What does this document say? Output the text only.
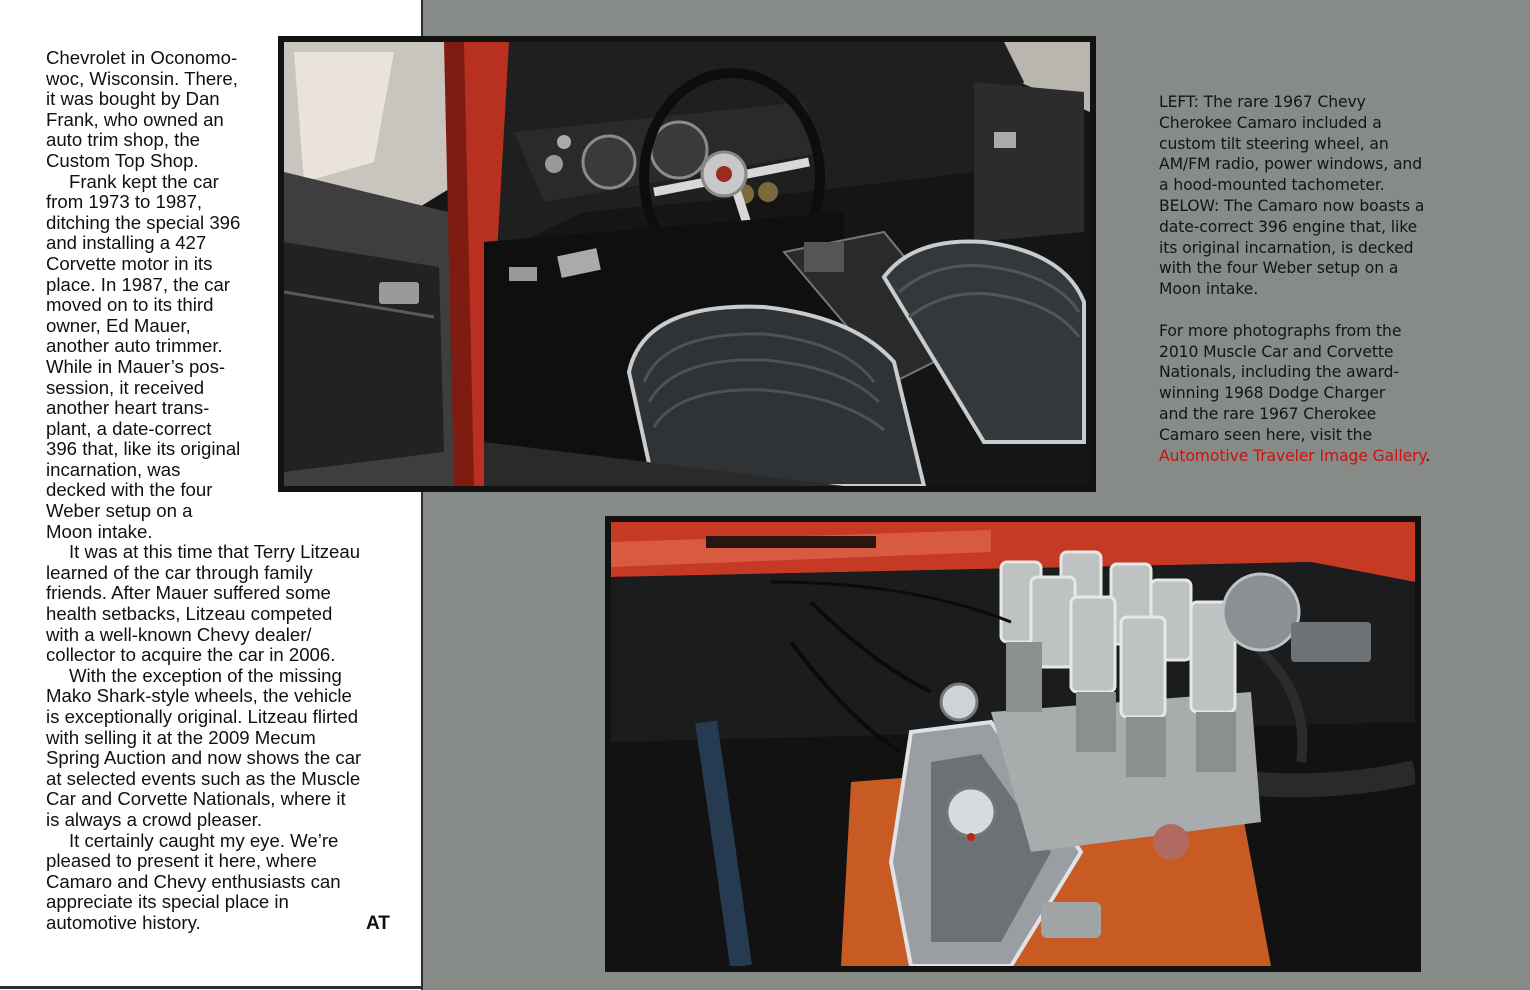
Chevrolet in Oconomo-
woc, Wisconsin. There,
it was bought by Dan
Frank, who owned an
auto trim shop, the
Custom Top Shop.
Frank kept the car
from 1973 to 1987,
ditching the special 396
and installing a 427
Corvette motor in its
place. In 1987, the car
moved on to its third
owner, Ed Mauer,
another auto trimmer.
While in Mauer’s pos-
session, it received
another heart trans-
plant, a date-correct
396 that, like its original
incarnation, was
decked with the four
Weber setup on a
Moon intake.
It was at this time that Terry Litzeau
learned of the car through family
friends. After Mauer suffered some
health setbacks, Litzeau competed
with a well-known Chevy dealer/
collector to acquire the car in 2006.
With the exception of the missing
Mako Shark-style wheels, the vehicle
is exceptionally original. Litzeau flirted
with selling it at the 2009 Mecum
Spring Auction and now shows the car
at selected events such as the Muscle
Car and Corvette Nationals, where it
is always a crowd pleaser.
It certainly caught my eye. We’re
pleased to present it here, where
Camaro and Chevy enthusiasts can
appreciate its special place in
automotive history.	AT
LEFT: The rare 1967 Chevy
Cherokee Camaro included a
custom tilt steering wheel, an
AM/FM radio, power windows, and
a hood-mounted tachometer.
BELOW: The Camaro now boasts a
date-correct 396 engine that, like
its original incarnation, is decked
with the four Weber setup on a
Moon intake.
For more photographs from the
2010 Muscle Car and Corvette
Nationals, including the award-
winning 1968 Dodge Charger
and the rare 1967 Cherokee
Camaro seen here, visit the
Automotive Traveler Image Gallery.
